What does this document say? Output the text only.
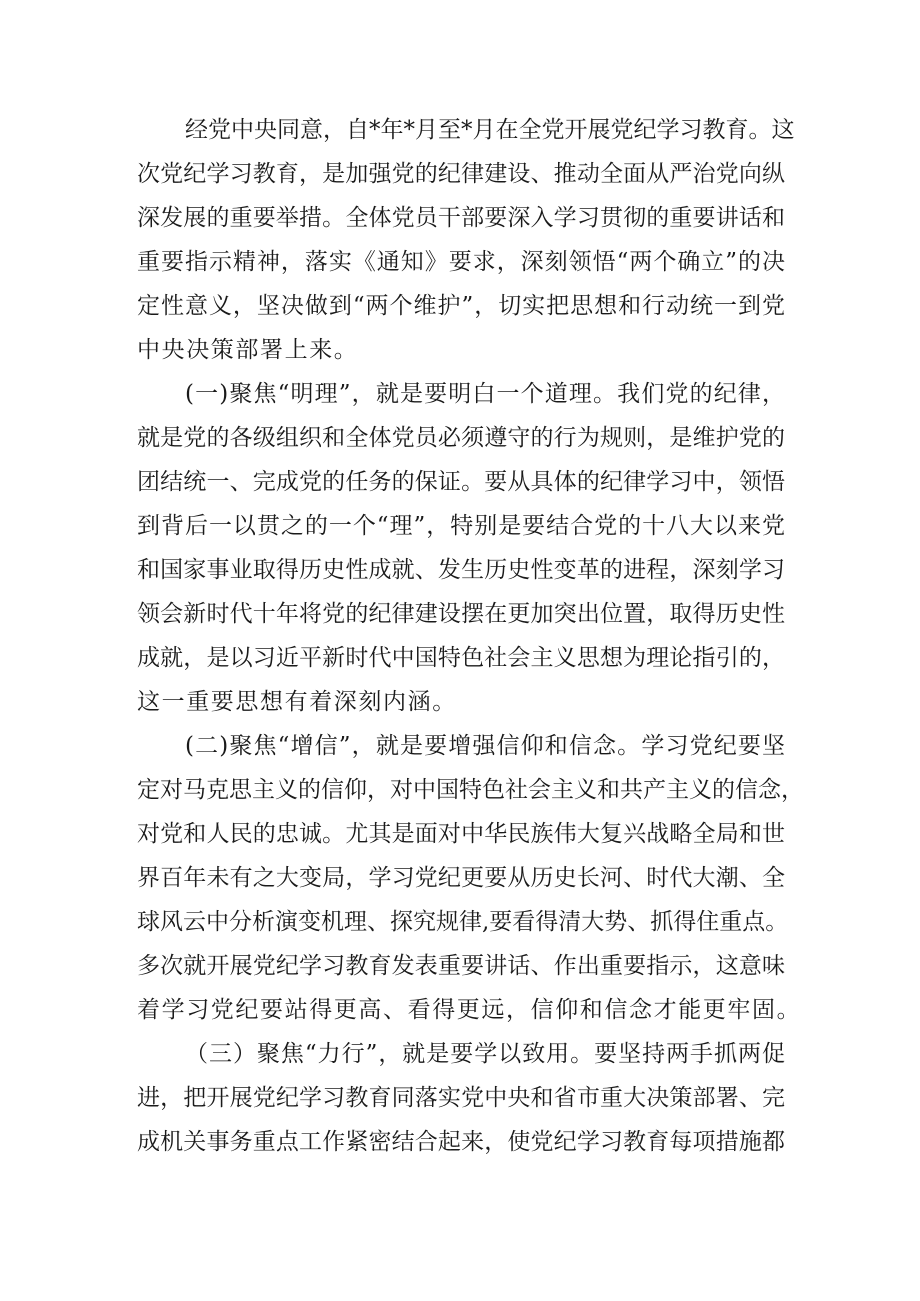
经党中央同意，自*年*月至*月在全党开展党纪学习教育。这

次党纪学习教育，是加强党的纪律建设、推动全面从严治党向纵

深发展的重要举措。全体党员干部要深入学习贯彻的重要讲话和

重要指示精神，落实《通知》要求，深刻领悟“两个确立”的决

定性意义，坚决做到“两个维护”，切实把思想和行动统一到党

中央决策部署上来。

(一)聚焦“明理”，就是要明白一个道理。我们党的纪律，

就是党的各级组织和全体党员必须遵守的行为规则，是维护党的

团结统一、完成党的任务的保证。要从具体的纪律学习中，领悟

到背后一以贯之的一个“理”，特别是要结合党的十八大以来党

和国家事业取得历史性成就、发生历史性变革的进程，深刻学习

领会新时代十年将党的纪律建设摆在更加突出位置，取得历史性

成就，是以习近平新时代中国特色社会主义思想为理论指引的，

这一重要思想有着深刻内涵。

(二)聚焦“增信”，就是要增强信仰和信念。学习党纪要坚

定对马克思主义的信仰，对中国特色社会主义和共产主义的信念，

对党和人民的忠诚。尤其是面对中华民族伟大复兴战略全局和世

界百年未有之大变局，学习党纪更要从历史长河、时代大潮、全

球风云中分析演变机理、探究规律,要看得清大势、抓得住重点。

多次就开展党纪学习教育发表重要讲话、作出重要指示，这意味

着学习党纪要站得更高、看得更远，信仰和信念才能更牢固。

（三）聚焦“力行”，就是要学以致用。要坚持两手抓两促

进，把开展党纪学习教育同落实党中央和省市重大决策部署、完

成机关事务重点工作紧密结合起来，使党纪学习教育每项措施都
